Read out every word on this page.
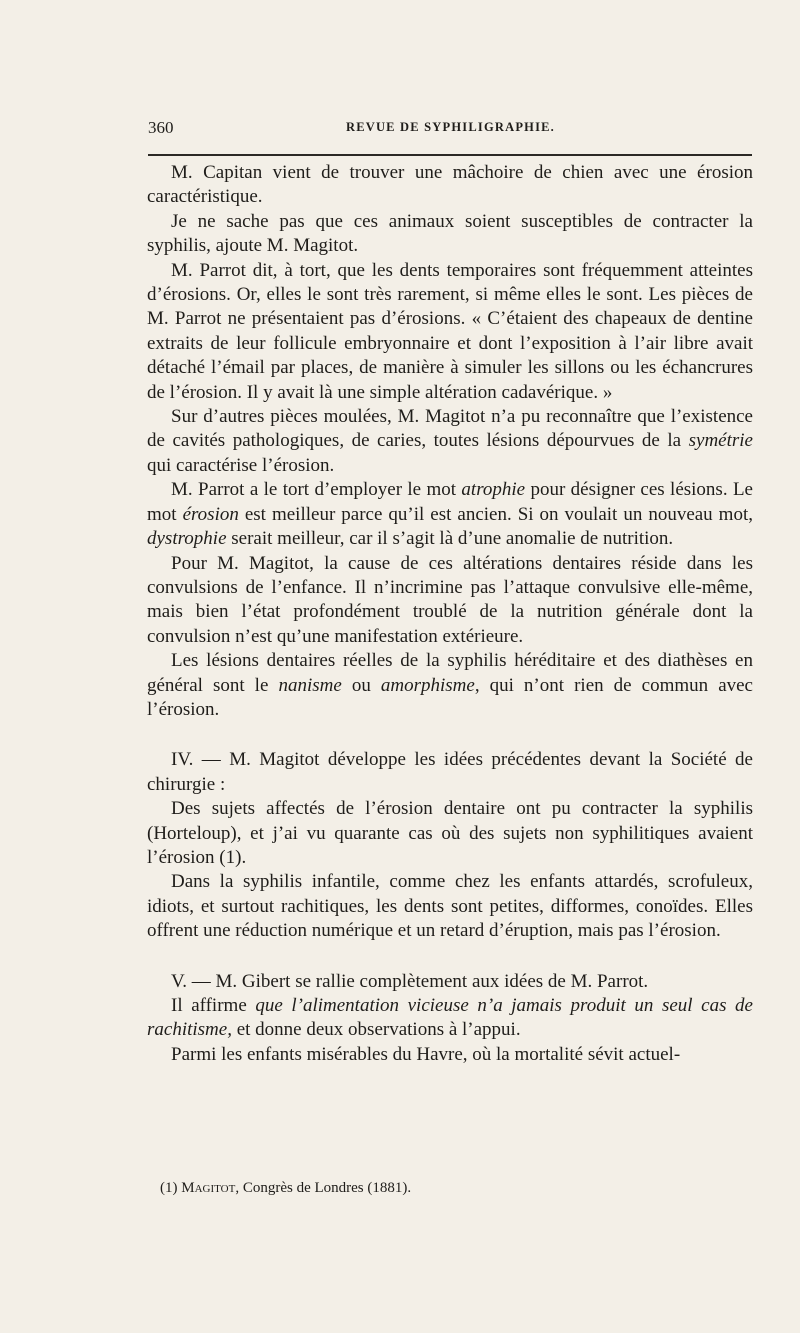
360	REVUE DE SYPHILIGRAPHIE.

M. Capitan vient de trouver une mâchoire de chien avec une érosion caractéristique.

Je ne sache pas que ces animaux soient susceptibles de contracter la syphilis, ajoute M. Magitot.

M. Parrot dit, à tort, que les dents temporaires sont fréquemment atteintes d’érosions. Or, elles le sont très rarement, si même elles le sont. Les pièces de M. Parrot ne présentaient pas d’érosions. « C’étaient des chapeaux de dentine extraits de leur follicule embryonnaire et dont l’exposition à l’air libre avait détaché l’émail par places, de manière à simuler les sillons ou les échancrures de l’érosion. Il y avait là une simple altération cadavérique. »

Sur d’autres pièces moulées, M. Magitot n’a pu reconnaître que l’existence de cavités pathologiques, de caries, toutes lésions dépourvues de la symétrie qui caractérise l’érosion.

M. Parrot a le tort d’employer le mot atrophie pour désigner ces lésions. Le mot érosion est meilleur parce qu’il est ancien. Si on voulait un nouveau mot, dystrophie serait meilleur, car il s’agit là d’une anomalie de nutrition.

Pour M. Magitot, la cause de ces altérations dentaires réside dans les convulsions de l’enfance. Il n’incrimine pas l’attaque convulsive elle-même, mais bien l’état profondément troublé de la nutrition générale dont la convulsion n’est qu’une manifestation extérieure.

Les lésions dentaires réelles de la syphilis héréditaire et des diathèses en général sont le nanisme ou amorphisme, qui n’ont rien de commun avec l’érosion.

IV. — M. Magitot développe les idées précédentes devant la Société de chirurgie :

Des sujets affectés de l’érosion dentaire ont pu contracter la syphilis (Horteloup), et j’ai vu quarante cas où des sujets non syphilitiques avaient l’érosion (1).

Dans la syphilis infantile, comme chez les enfants attardés, scrofuleux, idiots, et surtout rachitiques, les dents sont petites, difformes, conoïdes. Elles offrent une réduction numérique et un retard d’éruption, mais pas l’érosion.

V. — M. Gibert se rallie complètement aux idées de M. Parrot.

Il affirme que l’alimentation vicieuse n’a jamais produit un seul cas de rachitisme, et donne deux observations à l’appui.

Parmi les enfants misérables du Havre, où la mortalité sévit actuel-

(1) Magitot, Congrès de Londres (1881).
